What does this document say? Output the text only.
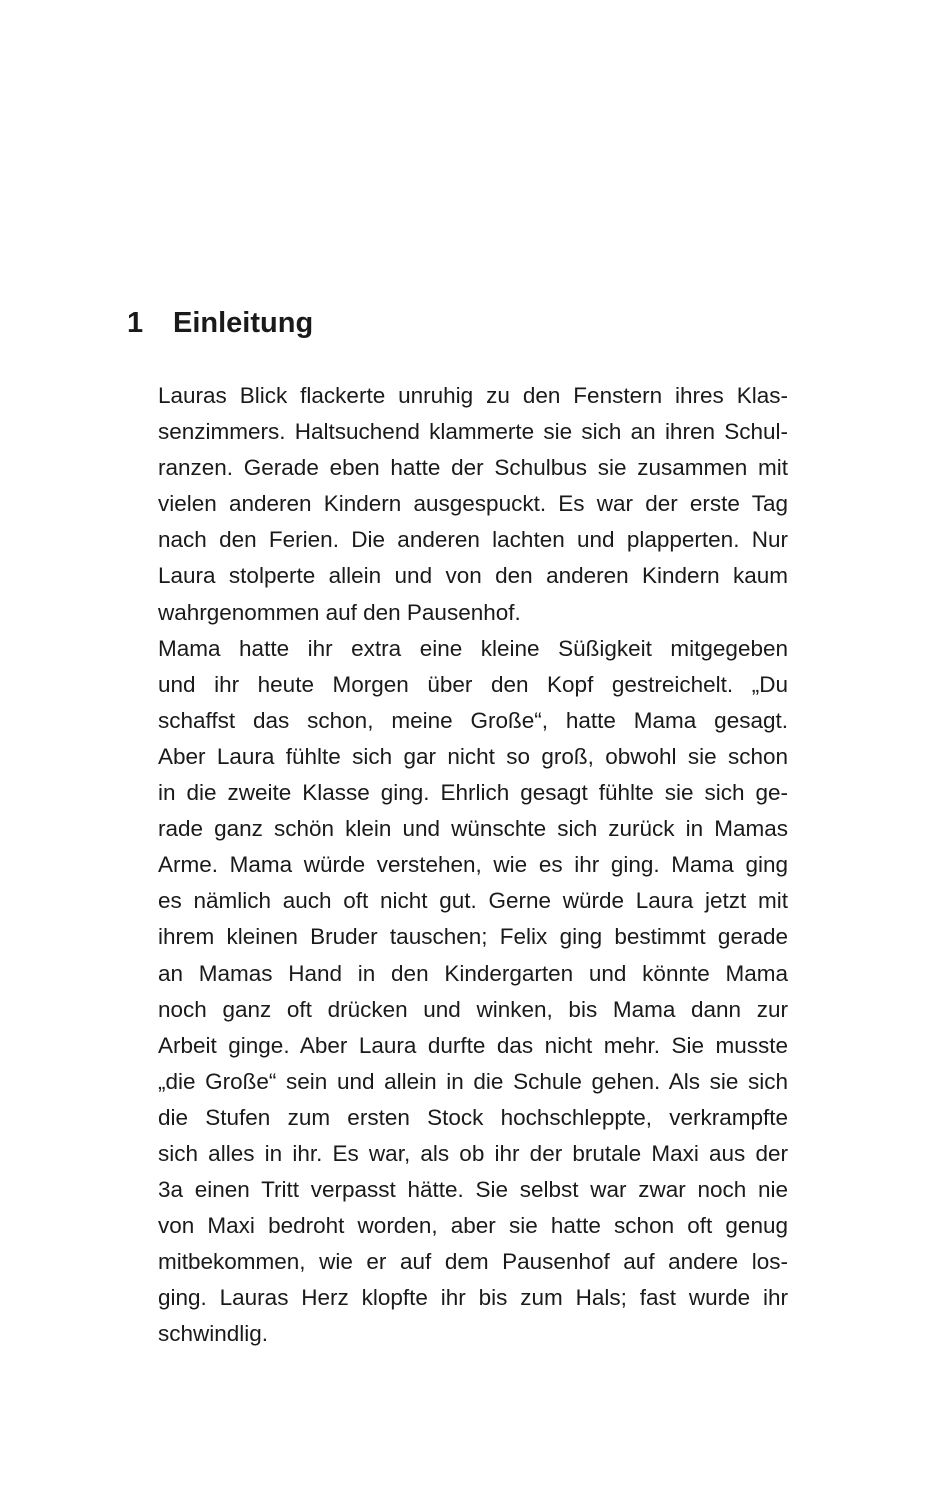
1 Einleitung
Lauras Blick flackerte unruhig zu den Fenstern ihres Klas-
senzimmers. Haltsuchend klammerte sie sich an ihren Schul-
ranzen. Gerade eben hatte der Schulbus sie zusammen mit
vielen anderen Kindern ausgespuckt. Es war der erste Tag
nach den Ferien. Die anderen lachten und plapperten. Nur
Laura stolperte allein und von den anderen Kindern kaum
wahrgenommen auf den Pausenhof.
Mama hatte ihr extra eine kleine Süßigkeit mitgegeben
und ihr heute Morgen über den Kopf gestreichelt. „Du
schaffst das schon, meine Große“, hatte Mama gesagt.
Aber Laura fühlte sich gar nicht so groß, obwohl sie schon
in die zweite Klasse ging. Ehrlich gesagt fühlte sie sich ge-
rade ganz schön klein und wünschte sich zurück in Mamas
Arme. Mama würde verstehen, wie es ihr ging. Mama ging
es nämlich auch oft nicht gut. Gerne würde Laura jetzt mit
ihrem kleinen Bruder tauschen; Felix ging bestimmt gerade
an Mamas Hand in den Kindergarten und könnte Mama
noch ganz oft drücken und winken, bis Mama dann zur
Arbeit ginge. Aber Laura durfte das nicht mehr. Sie musste
„die Große“ sein und allein in die Schule gehen. Als sie sich
die Stufen zum ersten Stock hochschleppte, verkrampfte
sich alles in ihr. Es war, als ob ihr der brutale Maxi aus der
3a einen Tritt verpasst hätte. Sie selbst war zwar noch nie
von Maxi bedroht worden, aber sie hatte schon oft genug
mitbekommen, wie er auf dem Pausenhof auf andere los-
ging. Lauras Herz klopfte ihr bis zum Hals; fast wurde ihr
schwindlig.
